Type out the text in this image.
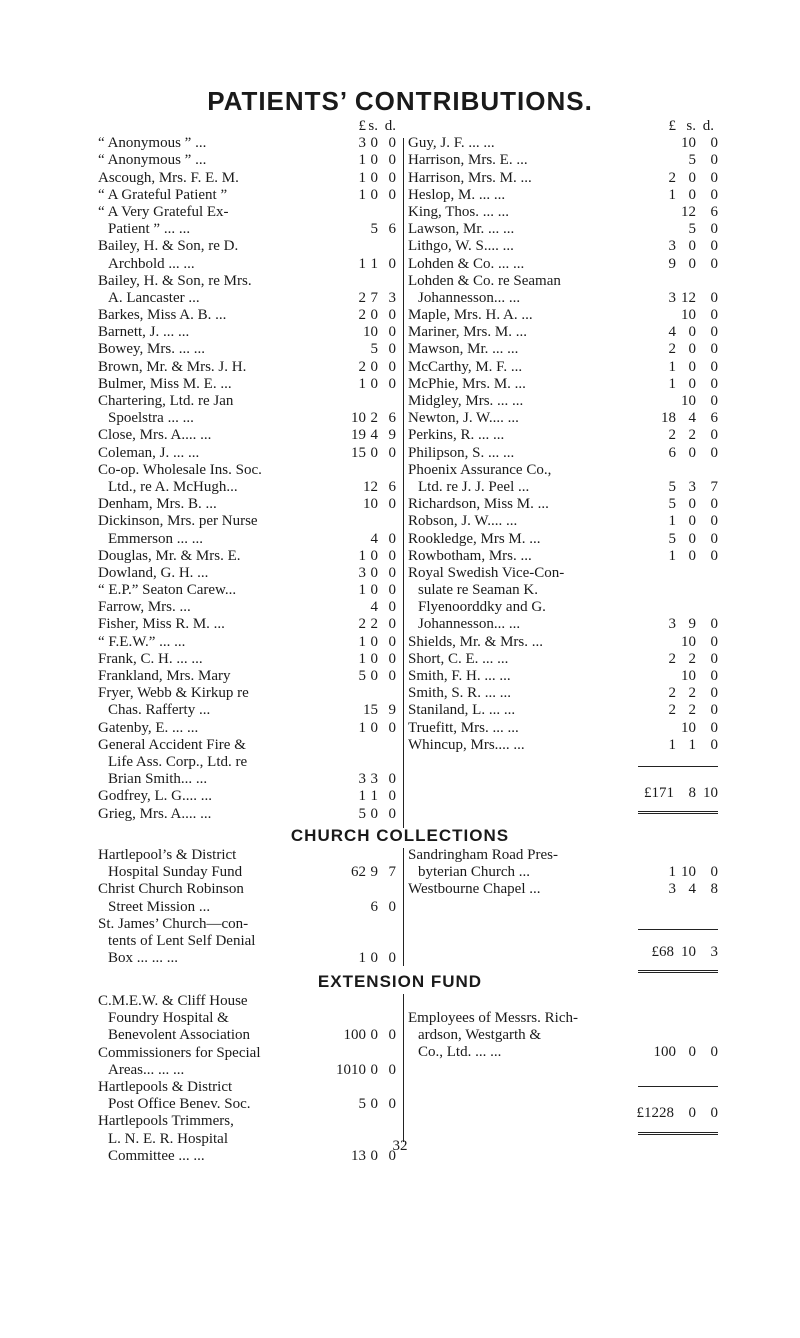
PATIENTS’ CONTRIBUTIONS.
£ s. d.
“ Anonymous ” ...	3 0 0
“ Anonymous ” ...	1 0 0
Ascough, Mrs. F. E. M.	1 0 0
“ A Grateful Patient ”	1 0 0
“ A Very Grateful Ex-
Patient ” ... ...	5 6
Bailey, H. & Son, re D.
Archbold ... ...	1 1 0
Bailey, H. & Son, re Mrs.
A. Lancaster ...	2 7 3
Barkes, Miss A. B. ...	2 0 0
Barnett, J. ... ...	10 0
Bowey, Mrs. ... ...	5 0
Brown, Mr. & Mrs. J. H.	2 0 0
Bulmer, Miss M. E. ...	1 0 0
Chartering, Ltd. re Jan
Spoelstra ... ...	10 2 6
Close, Mrs. A.... ...	19 4 9
Coleman, J. ... ...	15 0 0
Co-op. Wholesale Ins. Soc.
Ltd., re A. McHugh...	12 6
Denham, Mrs. B. ...	10 0
Dickinson, Mrs. per Nurse
Emmerson ... ...	4 0
Douglas, Mr. & Mrs. E.	1 0 0
Dowland, G. H. ...	3 0 0
“ E.P.” Seaton Carew...	1 0 0
Farrow, Mrs. ...	4 0
Fisher, Miss R. M. ...	2 2 0
“ F.E.W.” ... ...	1 0 0
Frank, C. H. ... ...	1 0 0
Frankland, Mrs. Mary	5 0 0
Fryer, Webb & Kirkup re
Chas. Rafferty ...	15 9
Gatenby, E. ... ...	1 0 0
General Accident Fire &
Life Ass. Corp., Ltd. re
Brian Smith... ...	3 3 0
Godfrey, L. G.... ...	1 1 0
Grieg, Mrs. A.... ...	5 0 0
£ s. d.
Guy, J. F. ... ...	10 0
Harrison, Mrs. E. ...	5 0
Harrison, Mrs. M. ...	2 0 0
Heslop, M. ... ...	1 0 0
King, Thos. ... ...	12 6
Lawson, Mr. ... ...	5 0
Lithgo, W. S.... ...	3 0 0
Lohden & Co. ... ...	9 0 0
Lohden & Co. re Seaman
Johannesson... ...	3 12 0
Maple, Mrs. H. A. ...	10 0
Mariner, Mrs. M. ...	4 0 0
Mawson, Mr. ... ...	2 0 0
McCarthy, M. F. ...	1 0 0
McPhie, Mrs. M. ...	1 0 0
Midgley, Mrs. ... ...	10 0
Newton, J. W.... ...	18 4 6
Perkins, R. ... ...	2 2 0
Philipson, S. ... ...	6 0 0
Phoenix Assurance Co.,
Ltd. re J. J. Peel ...	5 3 7
Richardson, Miss M. ...	5 0 0
Robson, J. W.... ...	1 0 0
Rookledge, Mrs M. ...	5 0 0
Rowbotham, Mrs. ...	1 0 0
Royal Swedish Vice-Con-
sulate re Seaman K.
Flyenoorddky and G.
Johannesson... ...	3 9 0
Shields, Mr. & Mrs. ...	10 0
Short, C. E. ... ...	2 2 0
Smith, F. H. ... ...	10 0
Smith, S. R. ... ...	2 2 0
Staniland, L. ... ...	2 2 0
Truefitt, Mrs. ... ...	10 0
Whincup, Mrs.... ...	1 1 0
£171 8 10
CHURCH COLLECTIONS
Hartlepool’s & District
Hospital Sunday Fund	62 9 7
Christ Church Robinson
Street Mission ...	6 0
St. James’ Church—con-
tents of Lent Self Denial
Box ... ... ...	1 0 0
Sandringham Road Pres-
byterian Church ...	1 10 0
Westbourne Chapel ...	3 4 8
£68 10 3
EXTENSION FUND
C.M.E.W. & Cliff House
Foundry Hospital &
Benevolent Association	100 0 0
Commissioners for Special
Areas... ... ...	1010 0 0
Hartlepools & District
Post Office Benev. Soc.	5 0 0
Hartlepools Trimmers,
L. N. E. R. Hospital
Committee ... ...	13 0 0
Employees of Messrs. Rich-
ardson, Westgarth &
Co., Ltd. ... ...	100 0 0
£1228 0 0
32
